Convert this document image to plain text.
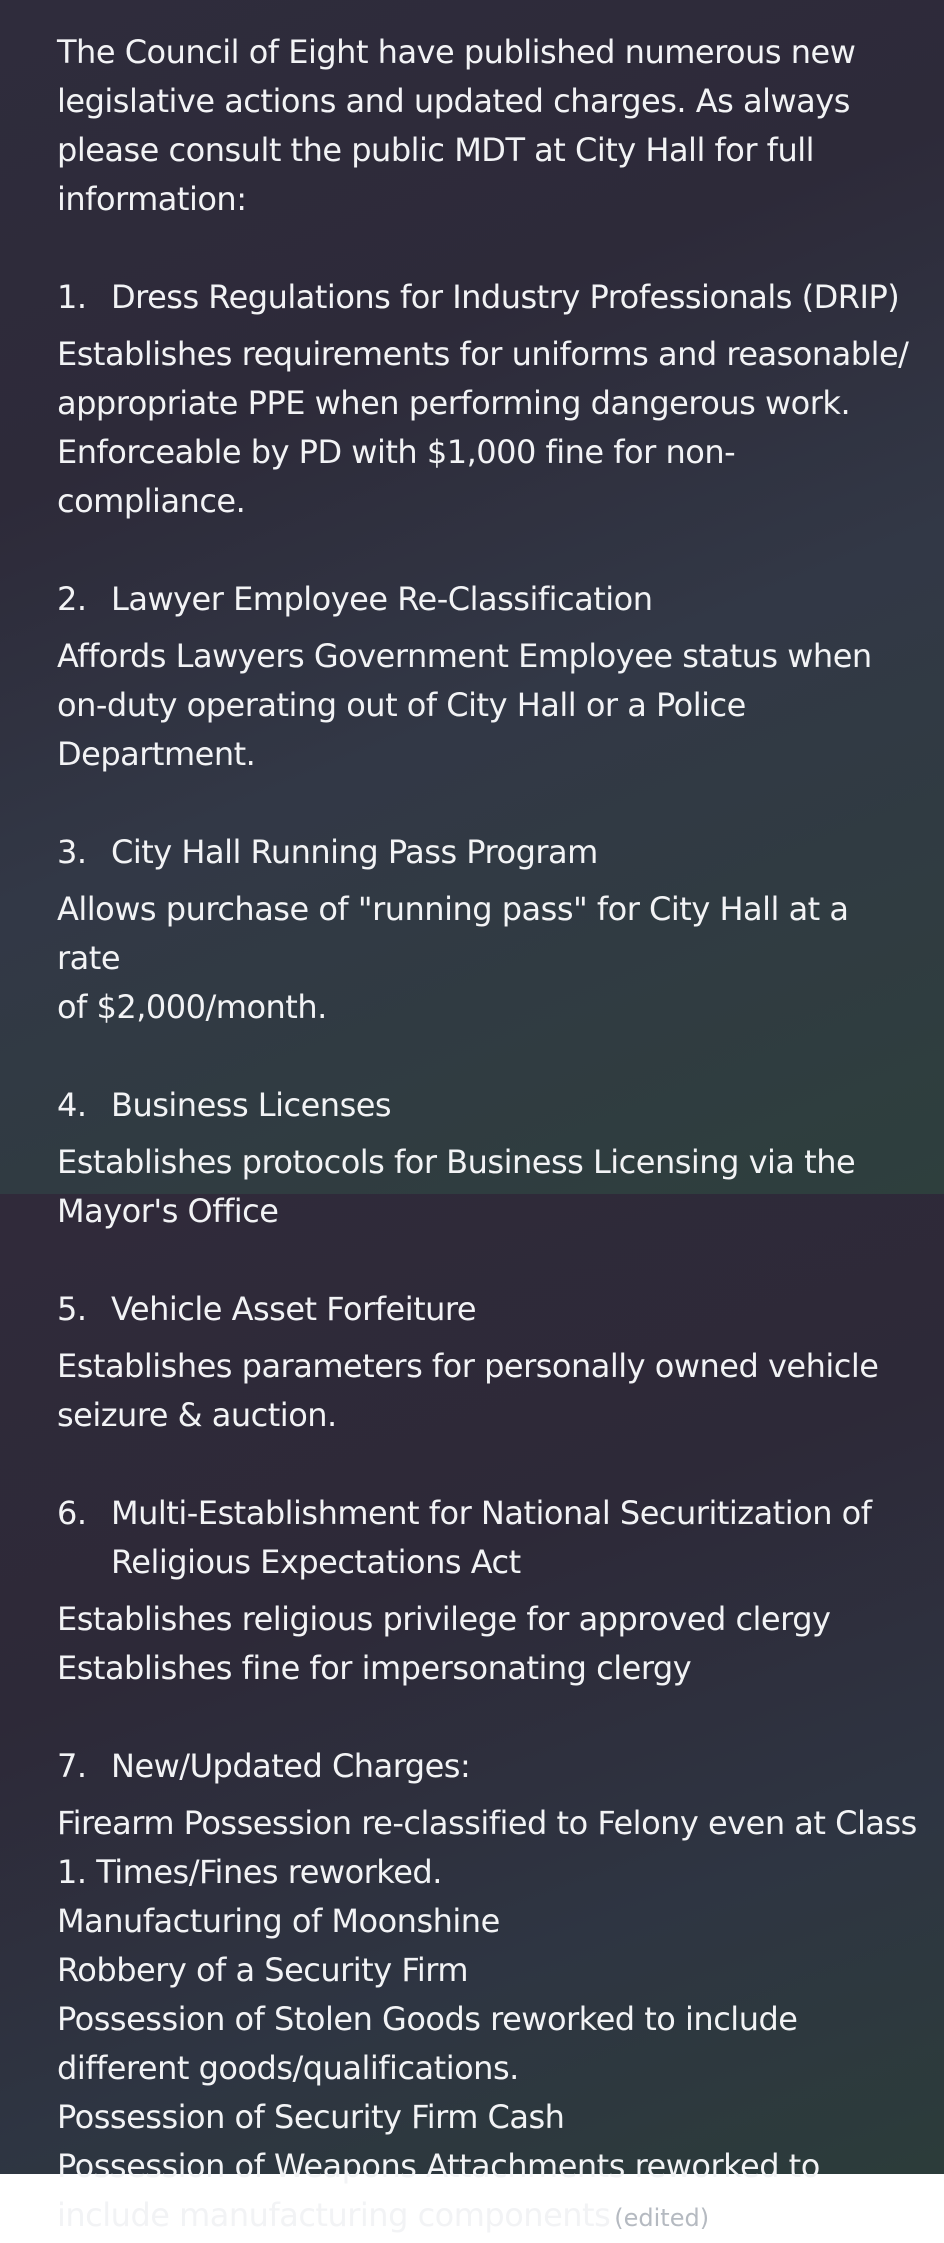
The Council of Eight have published numerous new
legislative actions and updated charges. As always
please consult the public MDT at City Hall for full
information:
1. Dress Regulations for Industry Professionals (DRIP)
Establishes requirements for uniforms and reasonable/
appropriate PPE when performing dangerous work.
Enforceable by PD with $1,000 fine for non-compliance.
2. Lawyer Employee Re-Classification
Affords Lawyers Government Employee status when
on-duty operating out of City Hall or a Police
Department.
3. City Hall Running Pass Program
Allows purchase of "running pass" for City Hall at a rate
of $2,000/month.
4. Business Licenses
Establishes protocols for Business Licensing via the
Mayor's Office
5. Vehicle Asset Forfeiture
Establishes parameters for personally owned vehicle
seizure & auction.
6. Multi-Establishment for National Securitization of Religious Expectations Act
Establishes religious privilege for approved clergy
Establishes fine for impersonating clergy
7. New/Updated Charges:
Firearm Possession re-classified to Felony even at Class
1. Times/Fines reworked.
Manufacturing of Moonshine
Robbery of a Security Firm
Possession of Stolen Goods reworked to include
different goods/qualifications.
Possession of Security Firm Cash
Possession of Weapons Attachments reworked to
include manufacturing components (edited)
